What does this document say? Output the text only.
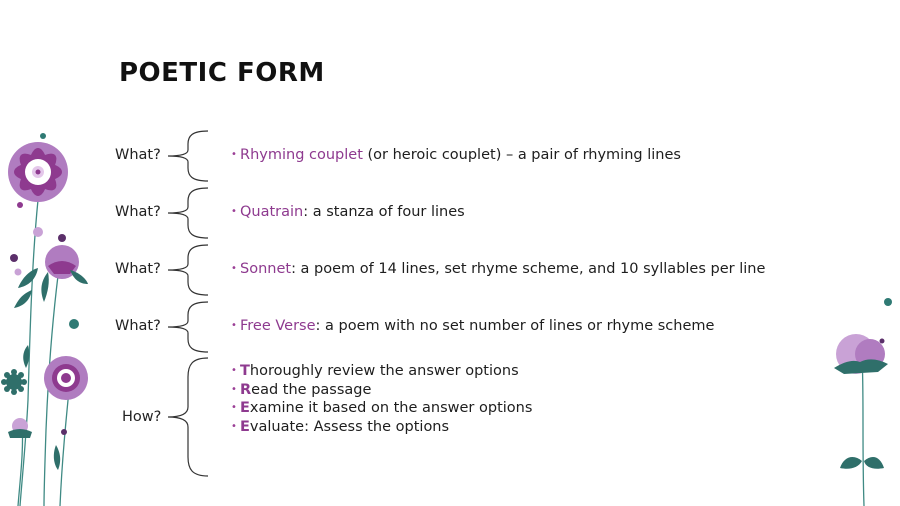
POETIC FORM
What?	• Rhyming couplet (or heroic couplet) – a pair of rhyming lines
What?	• Quatrain: a stanza of four lines
What?	• Sonnet: a poem of 14 lines, set rhyme scheme, and 10 syllables per line
What?	• Free Verse: a poem with no set number of lines or rhyme scheme
How?
• Thoroughly review the answer options
• Read the passage
• Examine it based on the answer options
• Evaluate: Assess the options
